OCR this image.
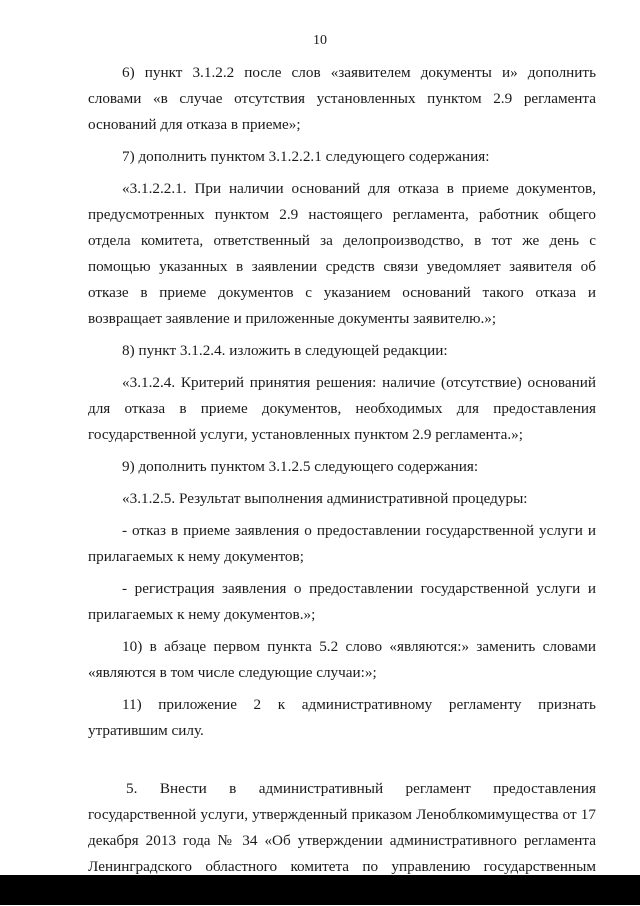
10

6) пункт 3.1.2.2 после слов «заявителем документы и» дополнить словами «в случае отсутствия установленных пунктом 2.9 регламента оснований для отказа в приеме»;

7) дополнить пунктом 3.1.2.2.1 следующего содержания:

«3.1.2.2.1. При наличии оснований для отказа в приеме документов, предусмотренных пунктом 2.9 настоящего регламента, работник общего отдела комитета, ответственный за делопроизводство, в тот же день с помощью указанных в заявлении средств связи уведомляет заявителя об отказе в приеме документов с указанием оснований такого отказа и возвращает заявление и приложенные документы заявителю.»;

8) пункт 3.1.2.4. изложить в следующей редакции:

«3.1.2.4. Критерий принятия решения: наличие (отсутствие) оснований для отказа в приеме документов, необходимых для предоставления государственной услуги, установленных пунктом 2.9 регламента.»;

9) дополнить пунктом 3.1.2.5 следующего содержания:

«3.1.2.5. Результат выполнения административной процедуры:

- отказ в приеме заявления о предоставлении государственной услуги и прилагаемых к нему документов;

- регистрация заявления о предоставлении государственной услуги и прилагаемых к нему документов.»;

10) в абзаце первом пункта 5.2 слово «являются:» заменить словами «являются в том числе следующие случаи:»;

11) приложение 2 к административному регламенту признать утратившим силу.

5. Внести в административный регламент предоставления государственной услуги, утвержденный приказом Леноблкомимущества от 17 декабря 2013 года № 34 «Об утверждении административного регламента Ленинградского областного комитета по управлению государственным
